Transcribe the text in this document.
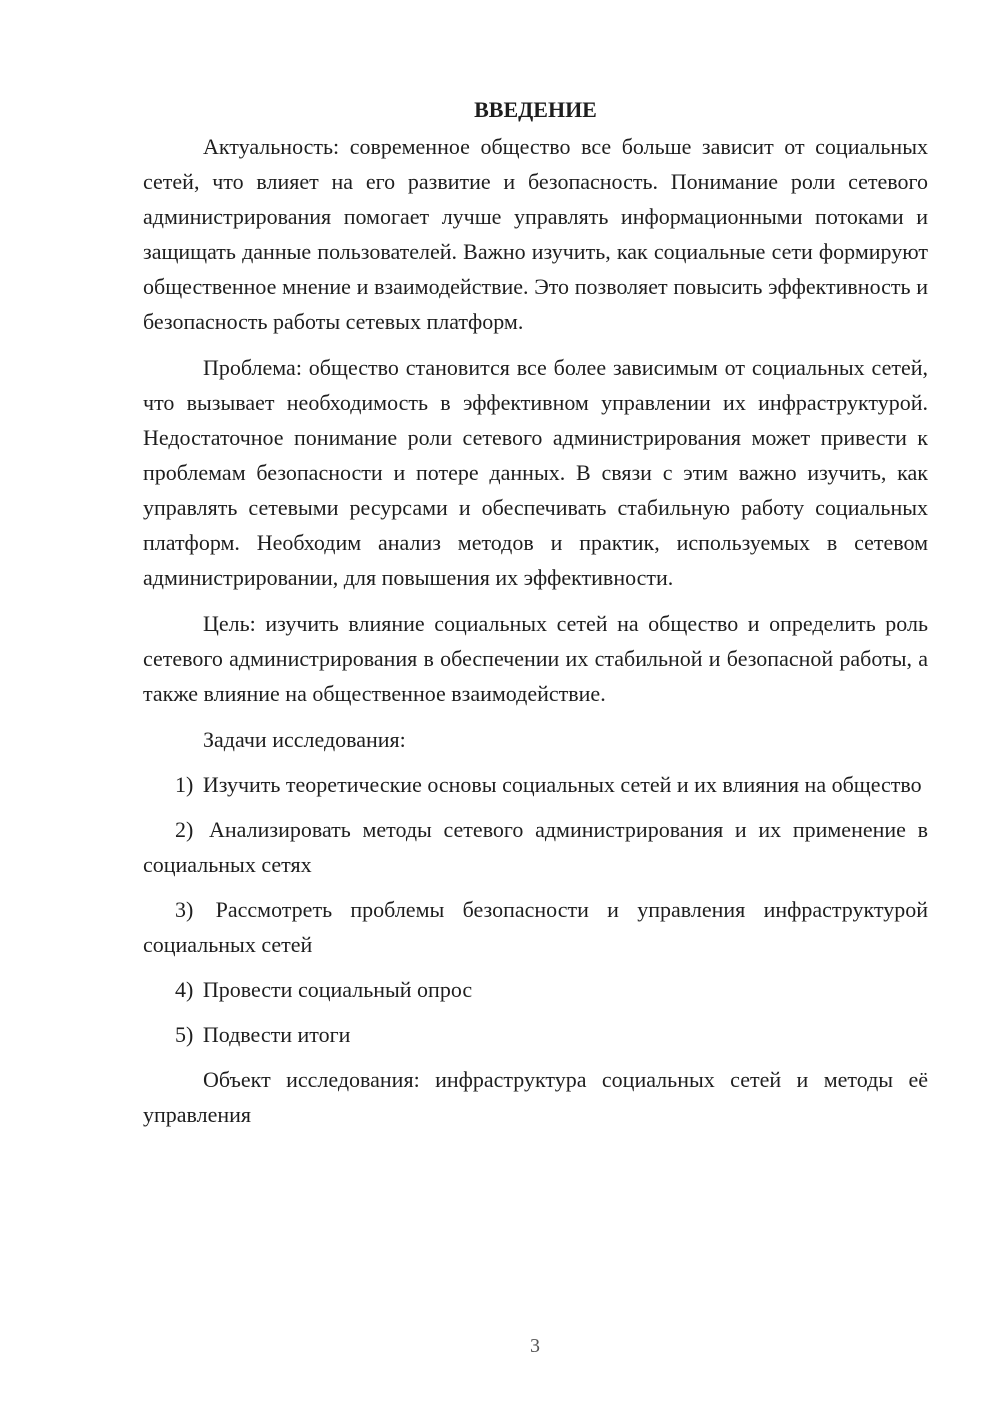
ВВЕДЕНИЕ

Актуальность: современное общество все больше зависит от социальных сетей, что влияет на его развитие и безопасность. Понимание роли сетевого администрирования помогает лучше управлять информационными потоками и защищать данные пользователей. Важно изучить, как социальные сети формируют общественное мнение и взаимодействие. Это позволяет повысить эффективность и безопасность работы сетевых платформ.

Проблема: общество становится все более зависимым от социальных сетей, что вызывает необходимость в эффективном управлении их инфраструктурой. Недостаточное понимание роли сетевого администрирования может привести к проблемам безопасности и потере данных. В связи с этим важно изучить, как управлять сетевыми ресурсами и обеспечивать стабильную работу социальных платформ. Необходим анализ методов и практик, используемых в сетевом администрировании, для повышения их эффективности.

Цель: изучить влияние социальных сетей на общество и определить роль сетевого администрирования в обеспечении их стабильной и безопасной работы, а также влияние на общественное взаимодействие.

Задачи исследования:
1) Изучить теоретические основы социальных сетей и их влияния на общество
2) Анализировать методы сетевого администрирования и их применение в социальных сетях
3) Рассмотреть проблемы безопасности и управления инфраструктурой социальных сетей
4) Провести социальный опрос
5) Подвести итоги

Объект исследования: инфраструктура социальных сетей и методы её управления

3
